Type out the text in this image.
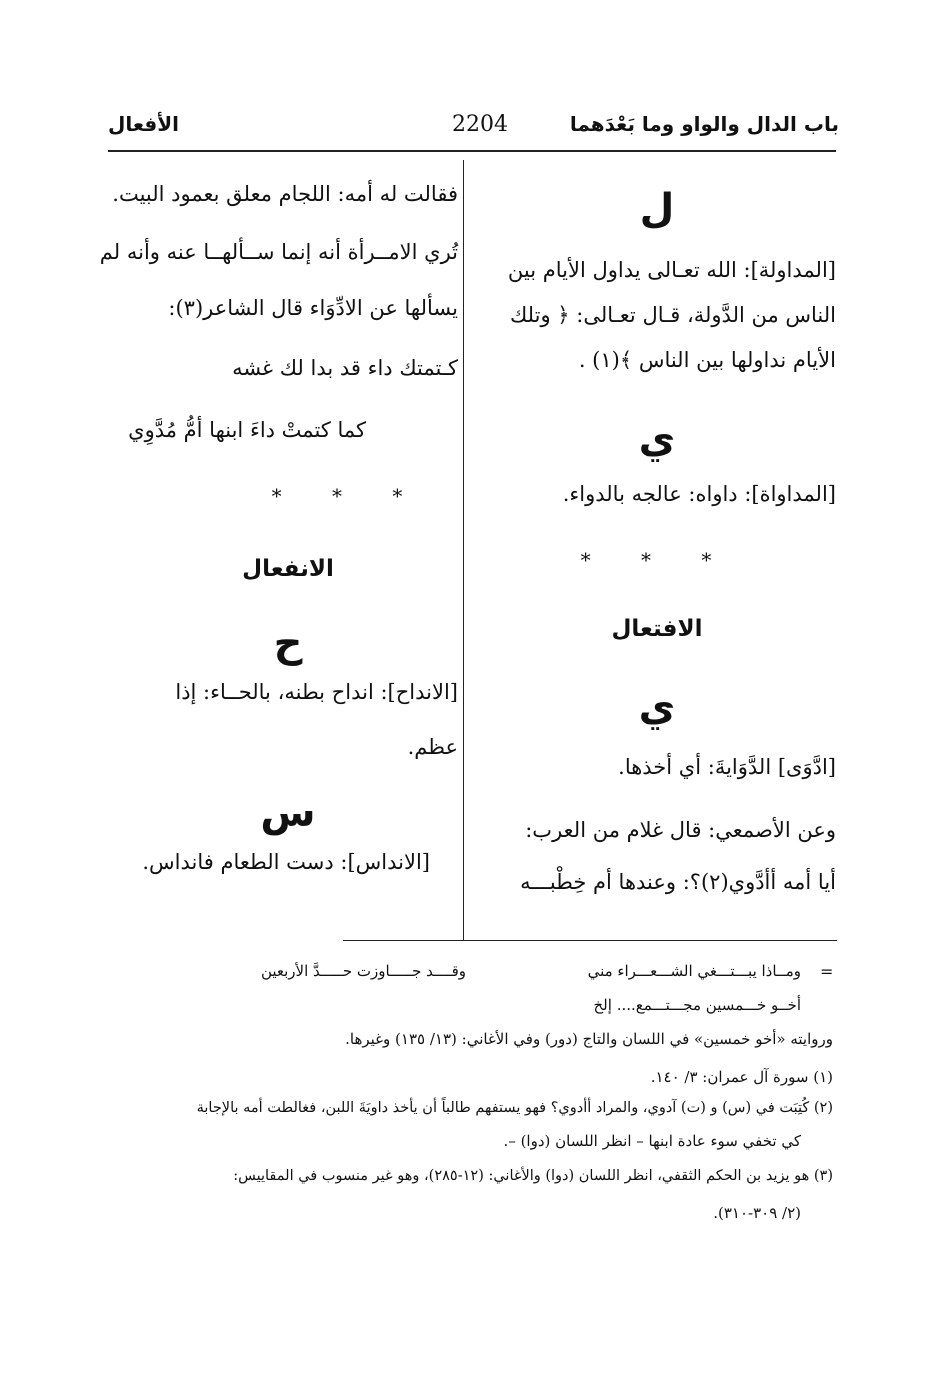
باب الدال والواو وما بَعْدَهما
2204
الأفعال
ل
[المداولة]: الله تعـالى يداول الأيام بين
الناس من الدَّولة، قـال تعـالى: ﴿ وتلك
الأيام نداولها بين الناس ﴾(١) .
ي
[المداواة]: داواه: عالجه بالدواء.
* * *
الافتعال
ي
[ادَّوَى] الدَّوَايةَ: أي أخذها.
وعن الأصمعي: قال غلام من العرب:
أيا أمه أأدَّوي(٢)؟: وعندها أم خِطْبـــه
فقالت له أمه: اللجام معلق بعمود البيت.
تُري الامــرأة أنه إنما ســألهــا عنه وأنه لم
يسألها عن الادِّوَاء قال الشاعر(٣):
كـتمتك داء قد بدا لك غشه
كما كتمتْ داءَ ابنها أمُّ مُدَّوِي
* * *
الانفعال
ح
[الانداح]: انداح بطنه، بالحــاء: إذا
عظم.
س
[الانداس]: دست الطعام فانداس.
=
ومــاذا يبـــتـــغي الشـــعـــراء مني
وقــــد جـــــاوزت حـــــدَّ الأربعين
أخــو خـــمسين مجـــتـــمع.... إلخ
وروايته «أخو خمسين» في اللسان والتاج (دور) وفي الأغاني: (١٣/ ١٣٥) وغيرها.
(١) سورة آل عمران: ٣/ ١٤٠.
(٢) كُتِبَت في (س) و (ت) آدوي، والمراد أأدوي؟ فهو يستفهم طالباً أن يأخذ داويَةَ اللبن، فغالطت أمه بالإجابة
كي تخفي سوء عادة ابنها – انظر اللسان (دوا) –.
(٣) هو يزيد بن الحكم الثقفي، انظر اللسان (دوا) والأغاني: (١٢-٢٨٥)، وهو غير منسوب في المقاييس:
(٢/ ٣٠٩-٣١٠).
